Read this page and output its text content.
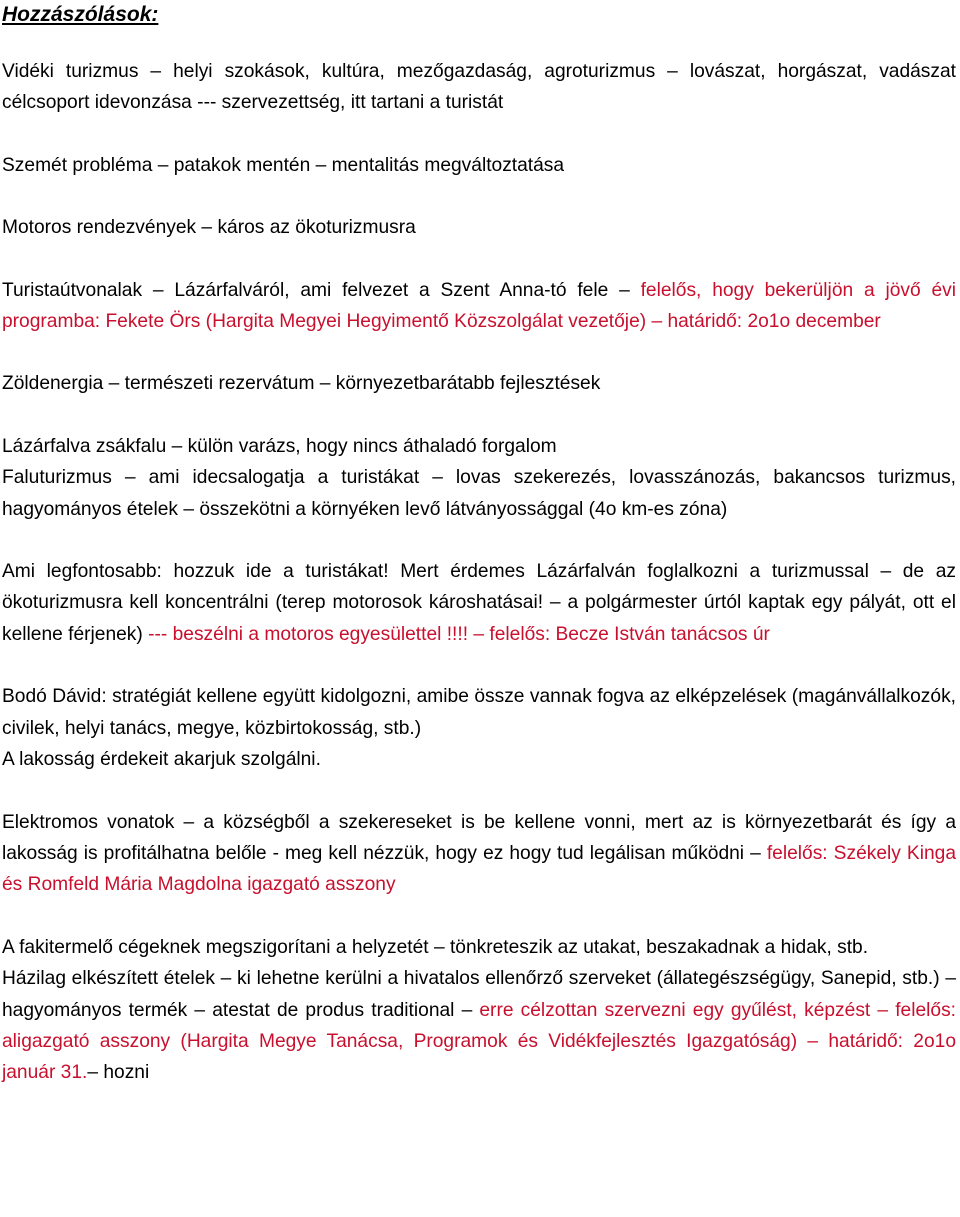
Hozzászólások:

Vidéki turizmus – helyi szokások, kultúra, mezőgazdaság, agroturizmus – lovászat, horgászat, vadászat célcsoport idevonzása --- szervezettség, itt tartani a turistát

Szemét probléma – patakok mentén – mentalitás megváltoztatása

Motoros rendezvények – káros az ökoturizmusra

Turistaútvonalak – Lázárfalváról, ami felvezet a Szent Anna-tó fele – felelős, hogy bekerüljön a jövő évi programba: Fekete Örs (Hargita Megyei Hegyimentő Közszolgálat vezetője) – határidő: 2o1o december

Zöldenergia – természeti rezervátum – környezetbarátabb fejlesztések

Lázárfalva zsákfalu – külön varázs, hogy nincs áthaladó forgalom

Faluturizmus – ami idecsalogatja a turistákat – lovas szekerezés, lovasszánozás, bakancsos turizmus, hagyományos ételek – összekötni a környéken levő látványossággal (4o km-es zóna)

Ami legfontosabb: hozzuk ide a turistákat! Mert érdemes Lázárfalván foglalkozni a turizmussal – de az ökoturizmusra kell koncentrálni (terep motorosok károshatásai! – a polgármester úrtól kaptak egy pályát, ott el kellene férjenek) --- beszélni a motoros egyesülettel !!!! – felelős: Becze István tanácsos úr

Bodó Dávid: stratégiát kellene együtt kidolgozni, amibe össze vannak fogva az elképzelések (magánvállalkozók, civilek, helyi tanács, megye, közbirtokosság, stb.)

A lakosság érdekeit akarjuk szolgálni.

Elektromos vonatok – a községből a szekereseket is be kellene vonni, mert az is környezetbarát és így a lakosság is profitálhatna belőle - meg kell nézzük, hogy ez hogy tud legálisan működni – felelős: Székely Kinga és Romfeld Mária Magdolna igazgató asszony

A fakitermelő cégeknek megszigorítani a helyzetét – tönkreteszik az utakat, beszakadnak a hidak, stb.

Házilag elkészített ételek – ki lehetne kerülni a hivatalos ellenőrző szerveket (állategészségügy, Sanepid, stb.) – hagyományos termék – atestat de produs traditional – erre célzottan szervezni egy gyűlést, képzést – felelős: aligazgató asszony (Hargita Megye Tanácsa, Programok és Vidékfejlesztés Igazgatóság) – határidő: 2o1o január 31.– hozni
